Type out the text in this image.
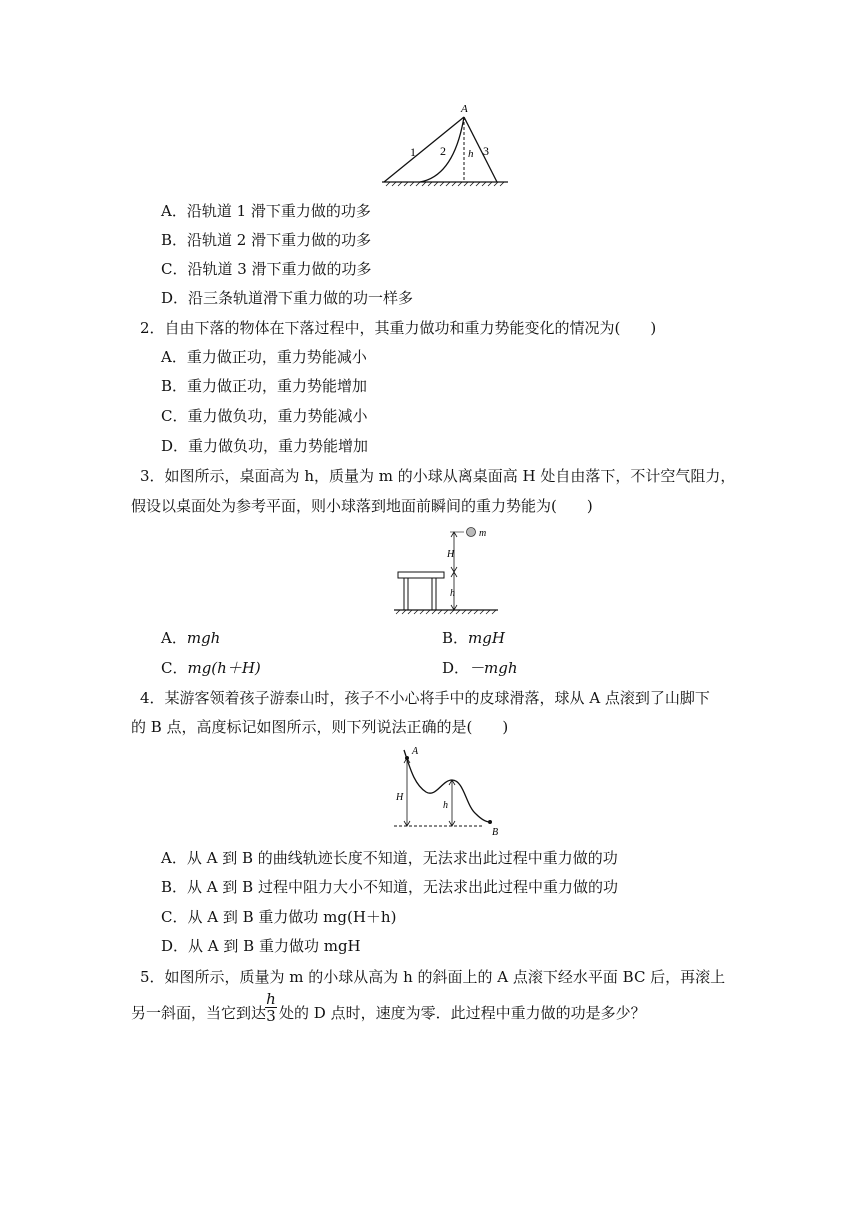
A
1 2 h 3
A．沿轨道 1 滑下重力做的功多
B．沿轨道 2 滑下重力做的功多
C．沿轨道 3 滑下重力做的功多
D．沿三条轨道滑下重力做的功一样多
2．自由下落的物体在下落过程中，其重力做功和重力势能变化的情况为(　　)
A．重力做正功，重力势能减小
B．重力做正功，重力势能增加
C．重力做负功，重力势能减小
D．重力做负功，重力势能增加
3．如图所示，桌面高为 h，质量为 m 的小球从离桌面高 H 处自由落下，不计空气阻力，
假设以桌面处为参考平面，则小球落到地面前瞬间的重力势能为(　　)
m
H
h
A．mgh	B．mgH
C．mg(h＋H)	D．－mgh
4．某游客领着孩子游泰山时，孩子不小心将手中的皮球滑落，球从 A 点滚到了山脚下
的 B 点，高度标记如图所示，则下列说法正确的是(　　)
A
H
h
B
A．从 A 到 B 的曲线轨迹长度不知道，无法求出此过程中重力做的功
B．从 A 到 B 过程中阻力大小不知道，无法求出此过程中重力做的功
C．从 A 到 B 重力做功 mg(H＋h)
D．从 A 到 B 重力做功 mgH
5．如图所示，质量为 m 的小球从高为 h 的斜面上的 A 点滚下经水平面 BC 后，再滚上
另一斜面，当它到达
$\frac{h}{3}$ 处的 D 点时，速度为零．此过程中重力做的功是多少？
